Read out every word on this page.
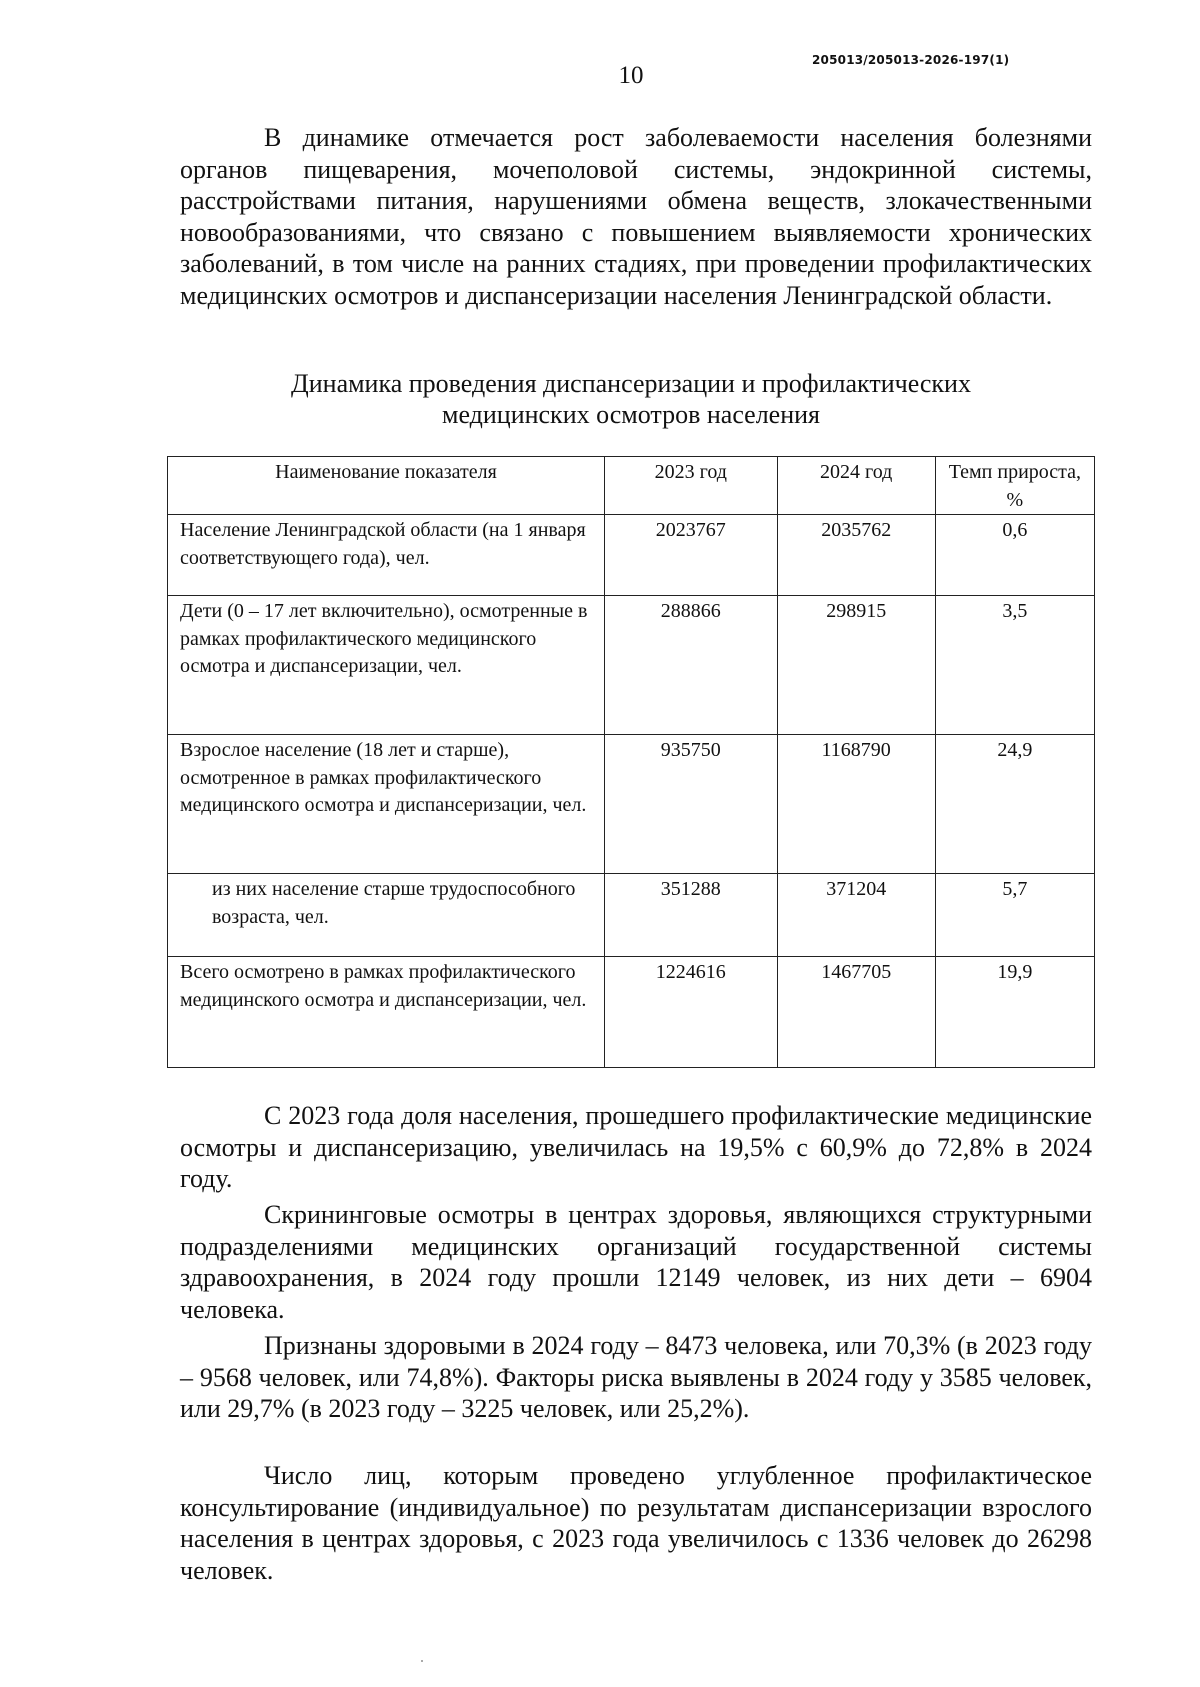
10
205013/205013-2026-197(1)

В динамике отмечается рост заболеваемости населения болезнями органов пищеварения, мочеполовой системы, эндокринной системы, расстройствами питания, нарушениями обмена веществ, злокачественными новообразованиями, что связано с повышением выявляемости хронических заболеваний, в том числе на ранних стадиях, при проведении профилактических медицинских осмотров и диспансеризации населения Ленинградской области.

Динамика проведения диспансеризации и профилактических
медицинских осмотров населения
Наименование показателя	2023 год	2024 год	Темп прироста, %
Население Ленинградской области (на 1 января соответствующего года), чел.	2023767	2035762	0,6
Дети (0 – 17 лет включительно), осмотренные в рамках профилактического медицинского осмотра и диспансеризации, чел.	288866	298915	3,5
Взрослое население (18 лет и старше), осмотренное в рамках профилактического медицинского осмотра и диспансеризации, чел.	935750	1168790	24,9
из них население старше трудоспособного возраста, чел.	351288	371204	5,7
Всего осмотрено в рамках профилактического медицинского осмотра и диспансеризации, чел.	1224616	1467705	19,9

С 2023 года доля населения, прошедшего профилактические медицинские осмотры и диспансеризацию, увеличилась на 19,5% с 60,9% до 72,8% в 2024 году.

Скрининговые осмотры в центрах здоровья, являющихся структурными подразделениями медицинских организаций государственной системы здравоохранения, в 2024 году прошли 12149 человек, из них дети – 6904 человека.

Признаны здоровыми в 2024 году – 8473 человека, или 70,3% (в 2023 году – 9568 человек, или 74,8%). Факторы риска выявлены в 2024 году у 3585 человек, или 29,7% (в 2023 году – 3225 человек, или 25,2%).

Число лиц, которым проведено углубленное профилактическое консультирование (индивидуальное) по результатам диспансеризации взрослого населения в центрах здоровья, с 2023 года увеличилось с 1336 человек до 26298 человек.
